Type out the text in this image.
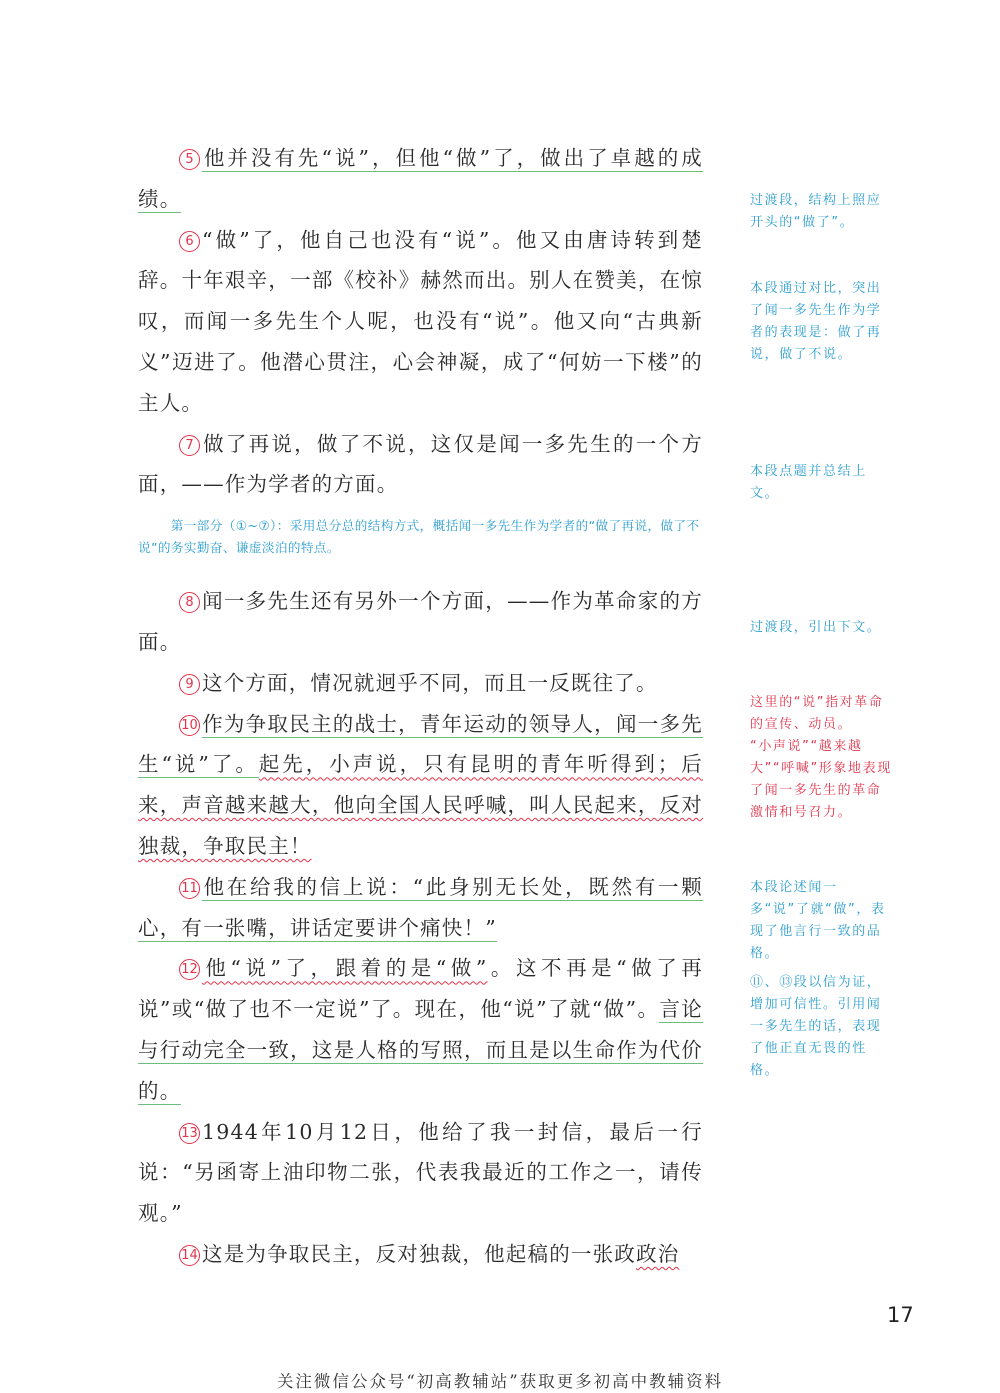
5 他并没有先“说”，但他“做”了，做出了卓越的成绩。

6 “做”了，他自己也没有“说”。他又由唐诗转到楚辞。十年艰辛，一部《校补》赫然而出。别人在赞美，在惊叹，而闻一多先生个人呢，也没有“说”。他又向“古典新义”迈进了。他潜心贯注，心会神凝，成了“何妨一下楼”的主人。

7 做了再说，做了不说，这仅是闻一多先生的一个方面，——作为学者的方面。

第一部分（①~⑦）：采用总分总的结构方式，概括闻一多先生作为学者的“做了再说，做了不说”的务实勤奋、谦虚淡泊的特点。

8 闻一多先生还有另外一个方面，——作为革命家的方面。

9 这个方面，情况就迥乎不同，而且一反既往了。

10 作为争取民主的战士，青年运动的领导人，闻一多先生“说”了。起先，小声说，只有昆明的青年听得到；后来，声音越来越大，他向全国人民呼喊，叫人民起来，反对独裁，争取民主！

11 他在给我的信上说：“此身别无长处，既然有一颗心，有一张嘴，讲话定要讲个痛快！”

12 他“说”了，跟着的是“做”。这不再是“做了再说”或“做了也不一定说”了。现在，他“说”了就“做”。言论与行动完全一致，这是人格的写照，而且是以生命作为代价的。

13 1944年10月12日，他给了我一封信，最后一行说：“另函寄上油印物二张，代表我最近的工作之一，请传观。”

14 这是为争取民主，反对独裁，他起稿的一张政政治

过渡段，结构上照应开头的“做了”。

本段通过对比，突出了闻一多先生作为学者的表现是：做了再说，做了不说。

本段点题并总结上文。

过渡段，引出下文。

这里的“说”指对革命的宣传、动员。

“小声说”“越来越大”“呼喊”形象地表现了闻一多先生的革命激情和号召力。

本段论述闻一多“说”了就“做”，表现了他言行一致的品格。

⑪、⑬段以信为证，增加可信性。引用闻一多先生的话，表现了他正直无畏的性格。

17
关注微信公众号“初高教辅站”获取更多初高中教辅资料
